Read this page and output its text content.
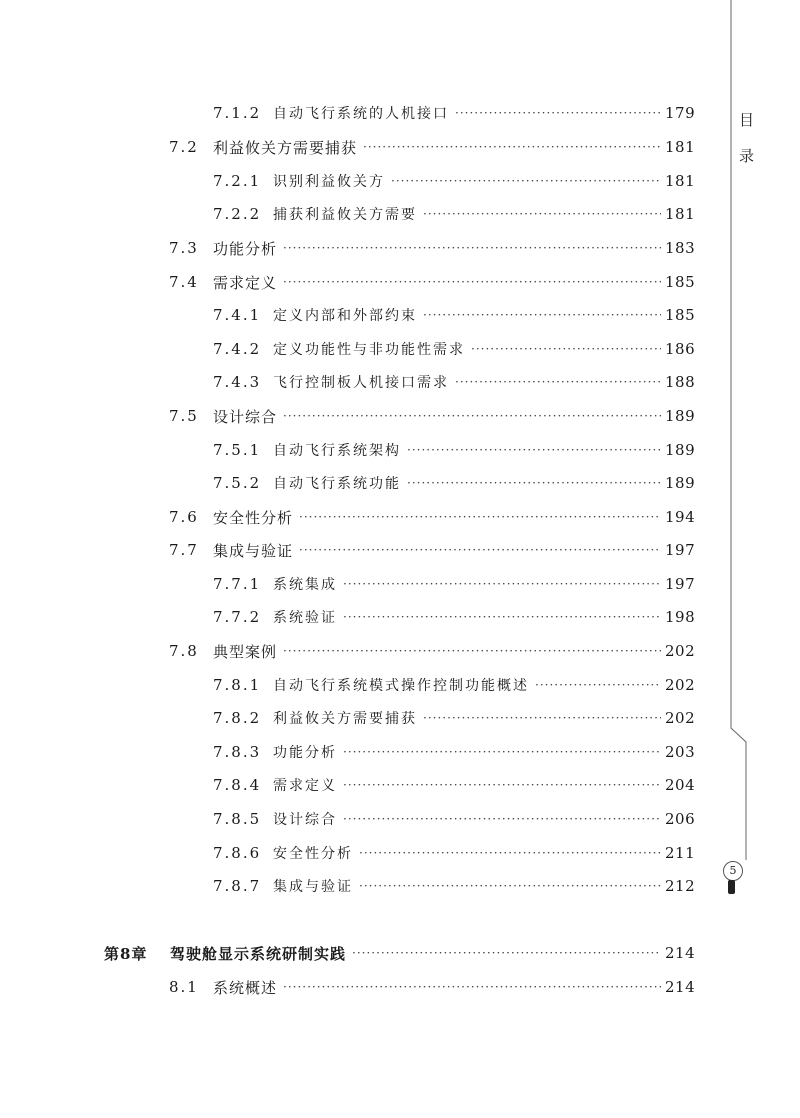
目
录
5
7.1.2 自动飞行系统的人机接口 ·····	179
7.2 利益攸关方需要捕获 ·····	181
7.2.1 识别利益攸关方 ·····	181
7.2.2 捕获利益攸关方需要 ·····	181
7.3 功能分析 ·····	183
7.4 需求定义 ·····	185
7.4.1 定义内部和外部约束 ·····	185
7.4.2 定义功能性与非功能性需求 ·····	186
7.4.3 飞行控制板人机接口需求 ·····	188
7.5 设计综合 ·····	189
7.5.1 自动飞行系统架构 ·····	189
7.5.2 自动飞行系统功能 ·····	189
7.6 安全性分析 ·····	194
7.7 集成与验证 ·····	197
7.7.1 系统集成 ·····	197
7.7.2 系统验证 ·····	198
7.8 典型案例 ·····	202
7.8.1 自动飞行系统模式操作控制功能概述 ·····	202
7.8.2 利益攸关方需要捕获 ·····	202
7.8.3 功能分析 ·····	203
7.8.4 需求定义 ·····	204
7.8.5 设计综合 ·····	206
7.8.6 安全性分析 ·····	211
7.8.7 集成与验证 ·····	212
第8章	驾驶舱显示系统研制实践 ·····	214
8.1 系统概述 ·····	214
